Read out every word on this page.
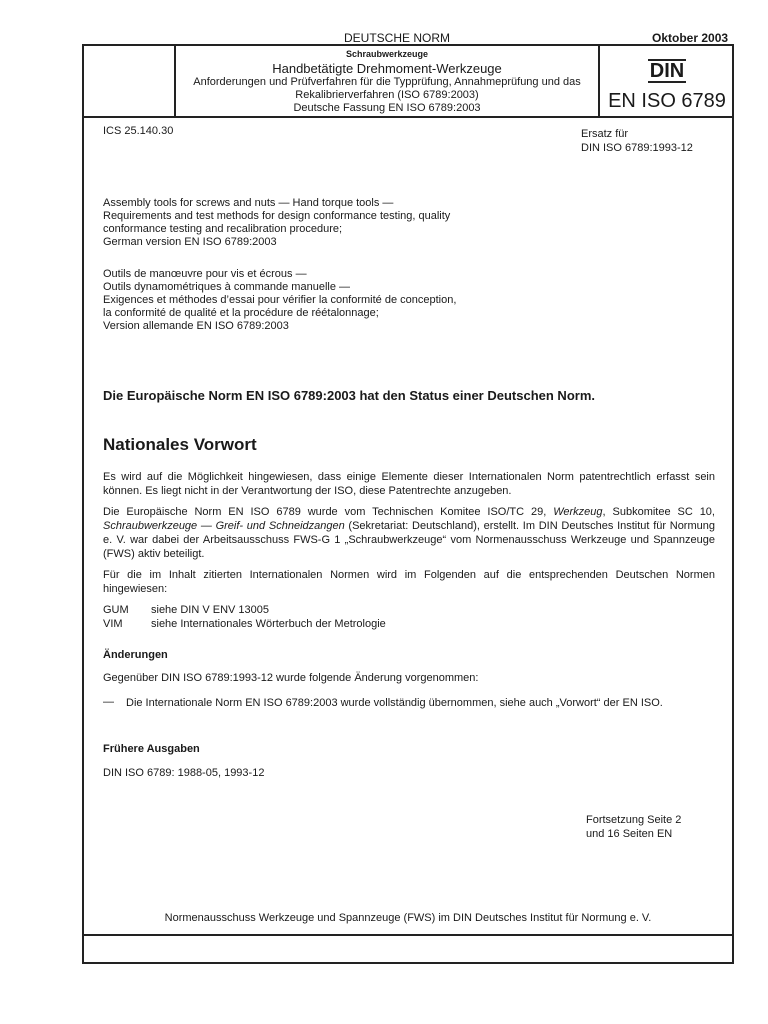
DEUTSCHE NORM	Oktober 2003
Schraubwerkzeuge
Handbetätigte Drehmoment-Werkzeuge
Anforderungen und Prüfverfahren für die Typprüfung, Annahmeprüfung und das
Rekalibrierverfahren (ISO 6789:2003)
Deutsche Fassung EN ISO 6789:2003
DIN
EN ISO 6789
ICS 25.140.30	Ersatz für
DIN ISO 6789:1993-12
Assembly tools for screws and nuts — Hand torque tools —
Requirements and test methods for design conformance testing, quality
conformance testing and recalibration procedure;
German version EN ISO 6789:2003
Outils de manœuvre pour vis et écrous —
Outils dynamométriques à commande manuelle —
Exigences et méthodes d’essai pour vérifier la conformité de conception,
la conformité de qualité et la procédure de réétalonnage;
Version allemande EN ISO 6789:2003
Die Europäische Norm EN ISO 6789:2003 hat den Status einer Deutschen Norm.
Nationales Vorwort
Es wird auf die Möglichkeit hingewiesen, dass einige Elemente dieser Internationalen Norm patentrechtlich erfasst sein können. Es liegt nicht in der Verantwortung der ISO, diese Patentrechte anzugeben.
Die Europäische Norm EN ISO 6789 wurde vom Technischen Komitee ISO/TC 29, Werkzeug, Subkomitee SC 10, Schraubwerkzeuge — Greif- und Schneidzangen (Sekretariat: Deutschland), erstellt. Im DIN Deutsches Institut für Normung e. V. war dabei der Arbeitsausschuss FWS-G 1 „Schraubwerkzeuge“ vom Normenausschuss Werkzeuge und Spannzeuge (FWS) aktiv beteiligt.
Für die im Inhalt zitierten Internationalen Normen wird im Folgenden auf die entsprechenden Deutschen Normen hingewiesen:
GUM siehe DIN V ENV 13005
VIM	siehe Internationales Wörterbuch der Metrologie
Änderungen
Gegenüber DIN ISO 6789:1993-12 wurde folgende Änderung vorgenommen:
— Die Internationale Norm EN ISO 6789:2003 wurde vollständig übernommen, siehe auch „Vorwort“ der EN ISO.
Frühere Ausgaben
DIN ISO 6789: 1988-05, 1993-12
Fortsetzung Seite 2
und 16 Seiten EN
Normenausschuss Werkzeuge und Spannzeuge (FWS) im DIN Deutsches Institut für Normung e. V.
